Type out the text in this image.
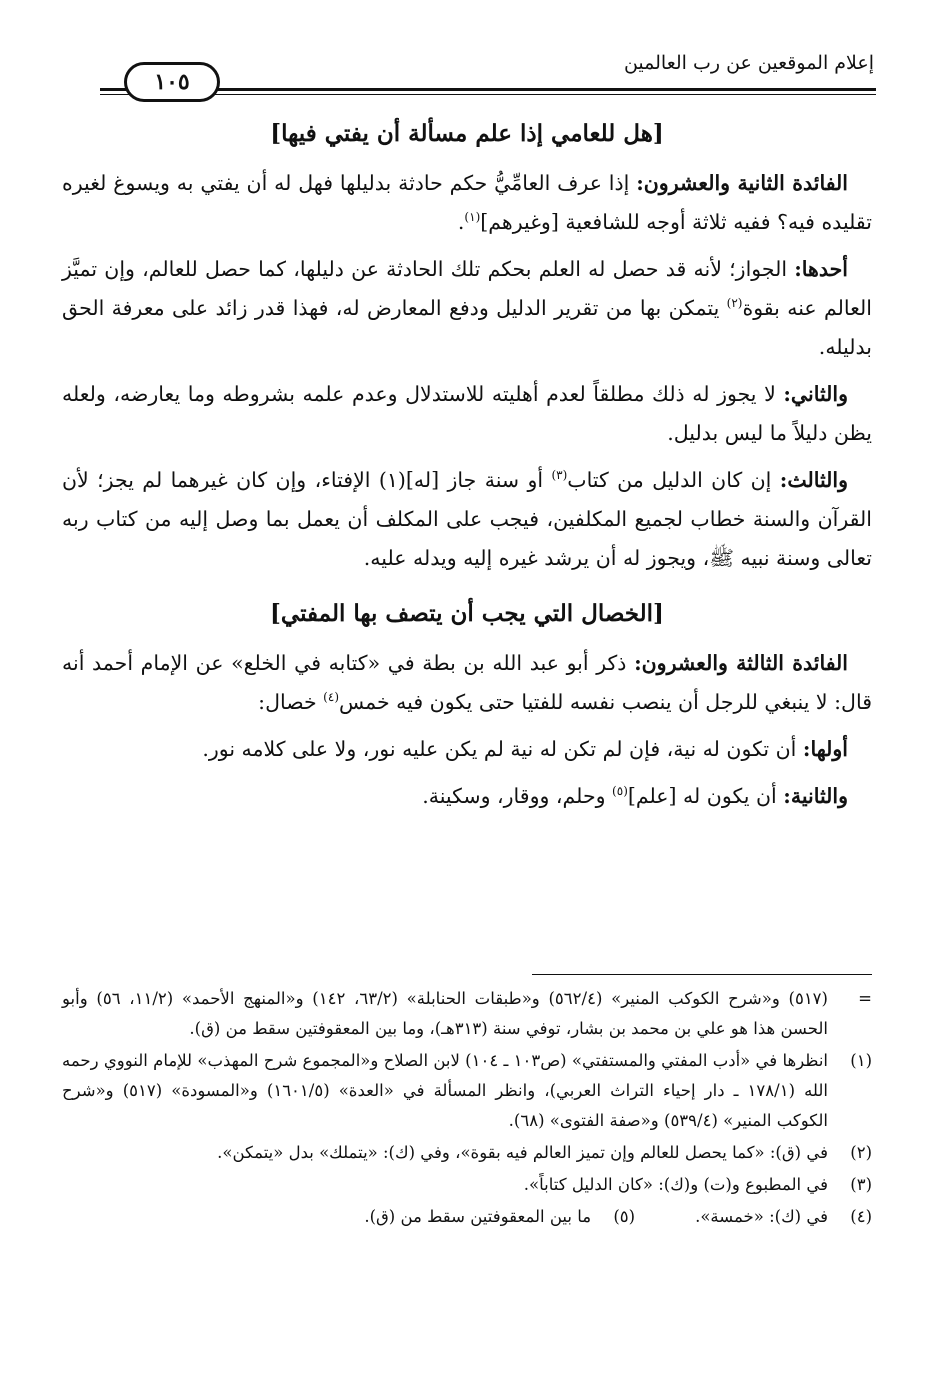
إعلام الموقعين عن رب العالمين
١٠٥
[هل للعامي إذا علم مسألة أن يفتي فيها]

الفائدة الثانية والعشرون: إذا عرف العامِّيُّ حكم حادثة بدليلها فهل له أن يفتي به ويسوغ لغيره تقليده فيه؟ ففيه ثلاثة أوجه للشافعية [وغيرهم]$^{(١)}$.

أحدها: الجواز؛ لأنه قد حصل له العلم بحكم تلك الحادثة عن دليلها، كما حصل للعالم، وإن تميَّز العالم عنه بقوة$^{(٢)}$ يتمكن بها من تقرير الدليل ودفع المعارض له، فهذا قدر زائد على معرفة الحق بدليله.

والثاني: لا يجوز له ذلك مطلقاً لعدم أهليته للاستدلال وعدم علمه بشروطه وما يعارضه، ولعله يظن دليلاً ما ليس بدليل.

والثالث: إن كان الدليل من كتاب$^{(٣)}$ أو سنة جاز [له](١) الإفتاء، وإن كان غيرهما لم يجز؛ لأن القرآن والسنة خطاب لجميع المكلفين، فيجب على المكلف أن يعمل بما وصل إليه من كتاب ربه تعالى وسنة نبيه ﷺ، ويجوز له أن يرشد غيره إليه ويدله عليه.

[الخصال التي يجب أن يتصف بها المفتي]

الفائدة الثالثة والعشرون: ذكر أبو عبد الله بن بطة في «كتابه في الخلع» عن الإمام أحمد أنه قال: لا ينبغي للرجل أن ينصب نفسه للفتيا حتى يكون فيه خمس$^{(٤)}$ خصال:

أولها: أن تكون له نية، فإن لم تكن له نية لم يكن عليه نور، ولا على كلامه نور.

والثانية: أن يكون له [علم]$^{(٥)}$ وحلم، ووقار، وسكينة.

=
(٥١٧) و«شرح الكوكب المنير» (٥٦٢/٤) و«طبقات الحنابلة» (٦٣/٢، ١٤٢) و«المنهج الأحمد» (١١/٢، ٥٦) وأبو الحسن هذا هو علي بن محمد بن بشار، توفي سنة (٣١٣هـ)، وما بين المعقوفتين سقط من (ق).
(١)
انظرها في «أدب المفتي والمستفتي» (ص١٠٣ ـ ١٠٤) لابن الصلاح و«المجموع شرح المهذب» للإمام النووي رحمه الله (١٧٨/١ ـ دار إحياء التراث العربي)، وانظر المسألة في «العدة» (١٦٠١/٥) و«المسودة» (٥١٧) و«شرح الكوكب المنير» (٥٣٩/٤) و«صفة الفتوى» (٦٨).
(٢)
في (ق): «كما يحصل للعالم وإن تميز العالم فيه بقوة»، وفي (ك): «يتملك» بدل «يتمكن».
(٣)
في المطبوع و(ت) و(ك): «كان الدليل كتاباً».
(٤)
في (ك): «خمسة».
(٥)
ما بين المعقوفتين سقط من (ق).
